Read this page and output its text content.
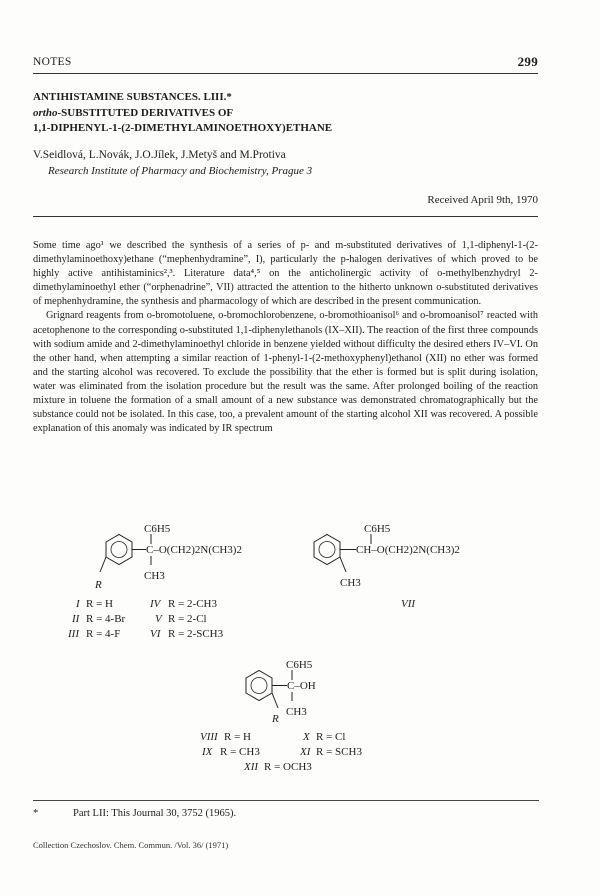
NOTES	299
ANTIHISTAMINE SUBSTANCES. LIII.*
ortho-SUBSTITUTED DERIVATIVES OF
1,1-DIPHENYL-1-(2-DIMETHYLAMINOETHOXY)ETHANE
V.Seidlová, L.Novák, J.O.Jílek, J.Metyš and M.Protiva
Research Institute of Pharmacy and Biochemistry, Prague 3
Received April 9th, 1970

Some time ago¹ we described the synthesis of a series of p- and m-substituted derivatives of 1,1-diphenyl-1-(2-dimethylaminoethoxy)ethane (“mephenhydramine”, I), particularly the p-halogen derivatives of which proved to be highly active antihistaminics²,³. Literature data⁴,⁵ on the anticholinergic activity of o-methylbenzhydryl 2-dimethylaminoethyl ether (“orphenadrine”, VII) attracted the attention to the hitherto unknown o-substituted derivatives of mephenhydramine, the synthesis and pharmacology of which are described in the present communication.

Grignard reagents from o-bromotoluene, o-bromochlorobenzene, o-bromothioanisol⁶ and o-bromoanisol⁷ reacted with acetophenone to the corresponding o-substituted 1,1-diphenylethanols (IX–XII). The reaction of the first three compounds with sodium amide and 2-dimethylaminoethyl chloride in benzene yielded without difficulty the desired ethers IV–VI. On the other hand, when attempting a similar reaction of 1-phenyl-1-(2-methoxyphenyl)ethanol (XII) no ether was formed and the starting alcohol was recovered. To exclude the possibility that the ether is formed but is split during isolation, water was eliminated from the isolation procedure but the result was the same. After prolonged boiling of the reaction mixture in toluene the formation of a small amount of a new substance was demonstrated chromatographically but the substance could not be isolated. In this case, too, a prevalent amount of the starting alcohol XII was recovered. A possible explanation of this anomaly was indicated by IR spectrum

C6H5
C–O(CH2)2N(CH3)2
CH3
R
C6H5
CH–O(CH2)2N(CH3)2
CH3
VII
I R = H
II R = 4-Br
III R = 4-F
IV R = 2-CH3
V R = 2-Cl
VI R = 2-SCH3
C6H5
C–OH
CH3
R
VIII R = H
IX R = CH3
X R = Cl
XI R = SCH3
XII R = OCH3
*	Part LII: This Journal 30, 3752 (1965).
Collection Czechoslov. Chem. Commun. /Vol. 36/ (1971)
